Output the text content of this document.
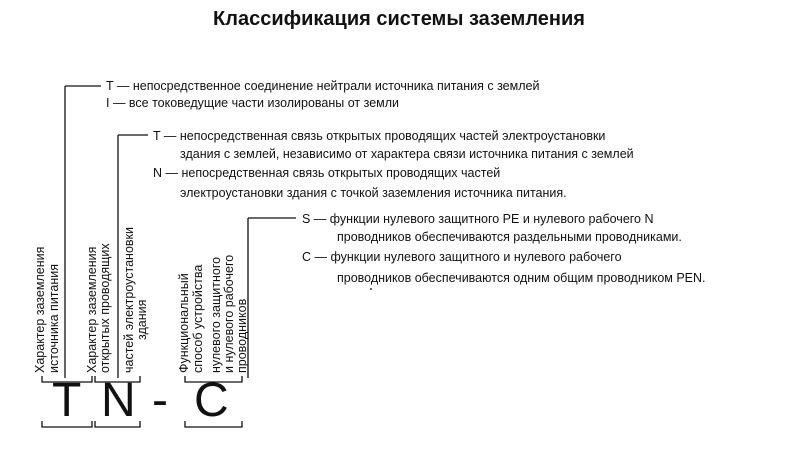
Классификация системы заземления
T — непосредственное соединение нейтрали источника питания с землей
I — все токоведущие части изолированы от земли
T — непосредственная связь открытых проводящих частей электроустановки
здания с землей, независимо от характера связи источника питания с землей
N — непосредственная связь открытых проводящих частей
электроустановки здания с точкой заземления источника питания.
S — функции нулевого защитного PE и нулевого рабочего N
проводников обеспечиваются раздельными проводниками.
C — функции нулевого защитного и нулевого рабочего
проводников обеспечиваются одним общим проводником PEN.
Характер заземления источника питания Характер заземления открытых проводящих частей электроустановки здания Функциональный способ устройства нулевого защитного и нулевого рабочего проводников
T N - C
